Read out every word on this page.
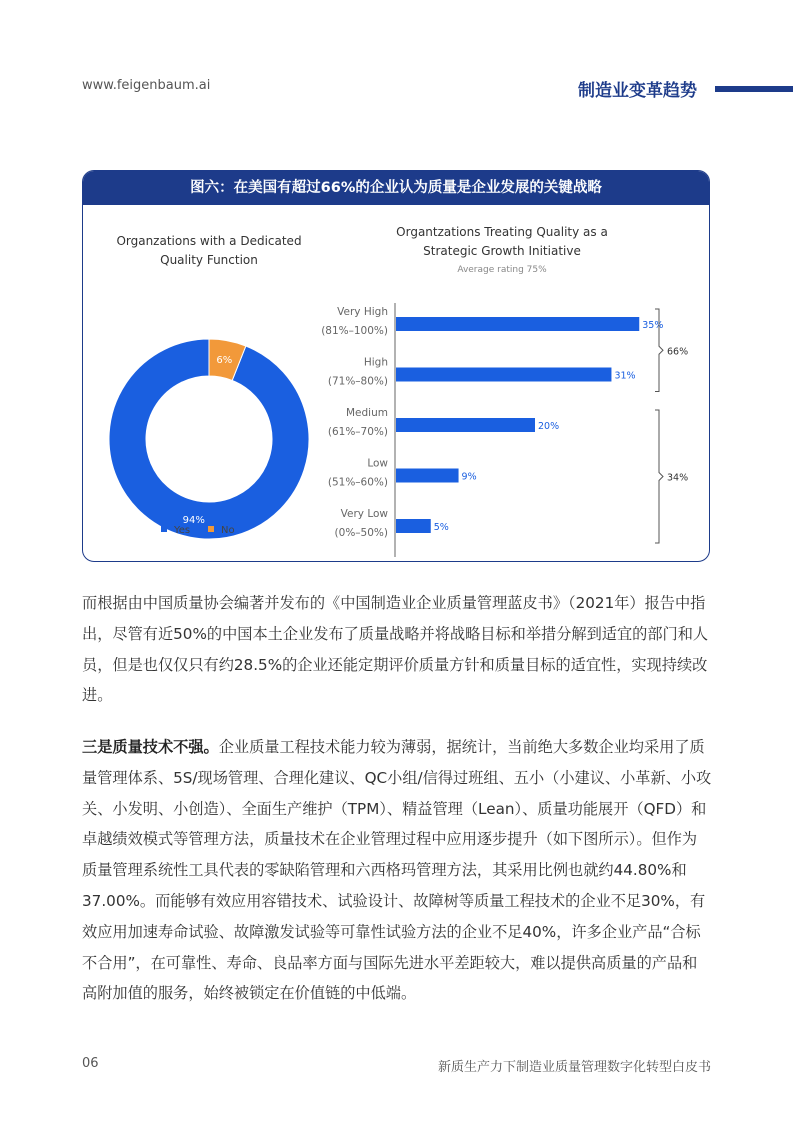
www.feigenbaum.ai	制造业变革趋势
图六：在美国有超过66%的企业认为质量是企业发展的关键战略
Organzations with a Dedicated
Quality Function
94%
6%
Yes	No
Organtzations Treating Quality as a
Strategic Growth Initiative
Average rating 75%
Very High
(81%–100%)	35%
High
(71%–80%)	31%
Medium
(61%–70%)	20%
Low
(51%–60%)	9%
Very Low
(0%–50%)	5%
66%
34%

而根据由中国质量协会编著并发布的《中国制造业企业质量管理蓝皮书》（2021年）报告中指出，尽管有近50%的中国本土企业发布了质量战略并将战略目标和举措分解到适宜的部门和人员，但是也仅仅只有约28.5%的企业还能定期评价质量方针和质量目标的适宜性，实现持续改进。

三是质量技术不强。企业质量工程技术能力较为薄弱，据统计，当前绝大多数企业均采用了质量管理体系、5S/现场管理、合理化建议、QC小组/信得过班组、五小（小建议、小革新、小攻关、小发明、小创造）、全面生产维护（TPM）、精益管理（Lean）、质量功能展开（QFD）和卓越绩效模式等管理方法，质量技术在企业管理过程中应用逐步提升（如下图所示）。但作为质量管理系统性工具代表的零缺陷管理和六西格玛管理方法，其采用比例也就约44.80%和37.00%。而能够有效应用容错技术、试验设计、故障树等质量工程技术的企业不足30%，有效应用加速寿命试验、故障激发试验等可靠性试验方法的企业不足40%，许多企业产品“合标不合用”，在可靠性、寿命、良品率方面与国际先进水平差距较大，难以提供高质量的产品和高附加值的服务，始终被锁定在价值链的中低端。

06	新质生产力下制造业质量管理数字化转型白皮书
